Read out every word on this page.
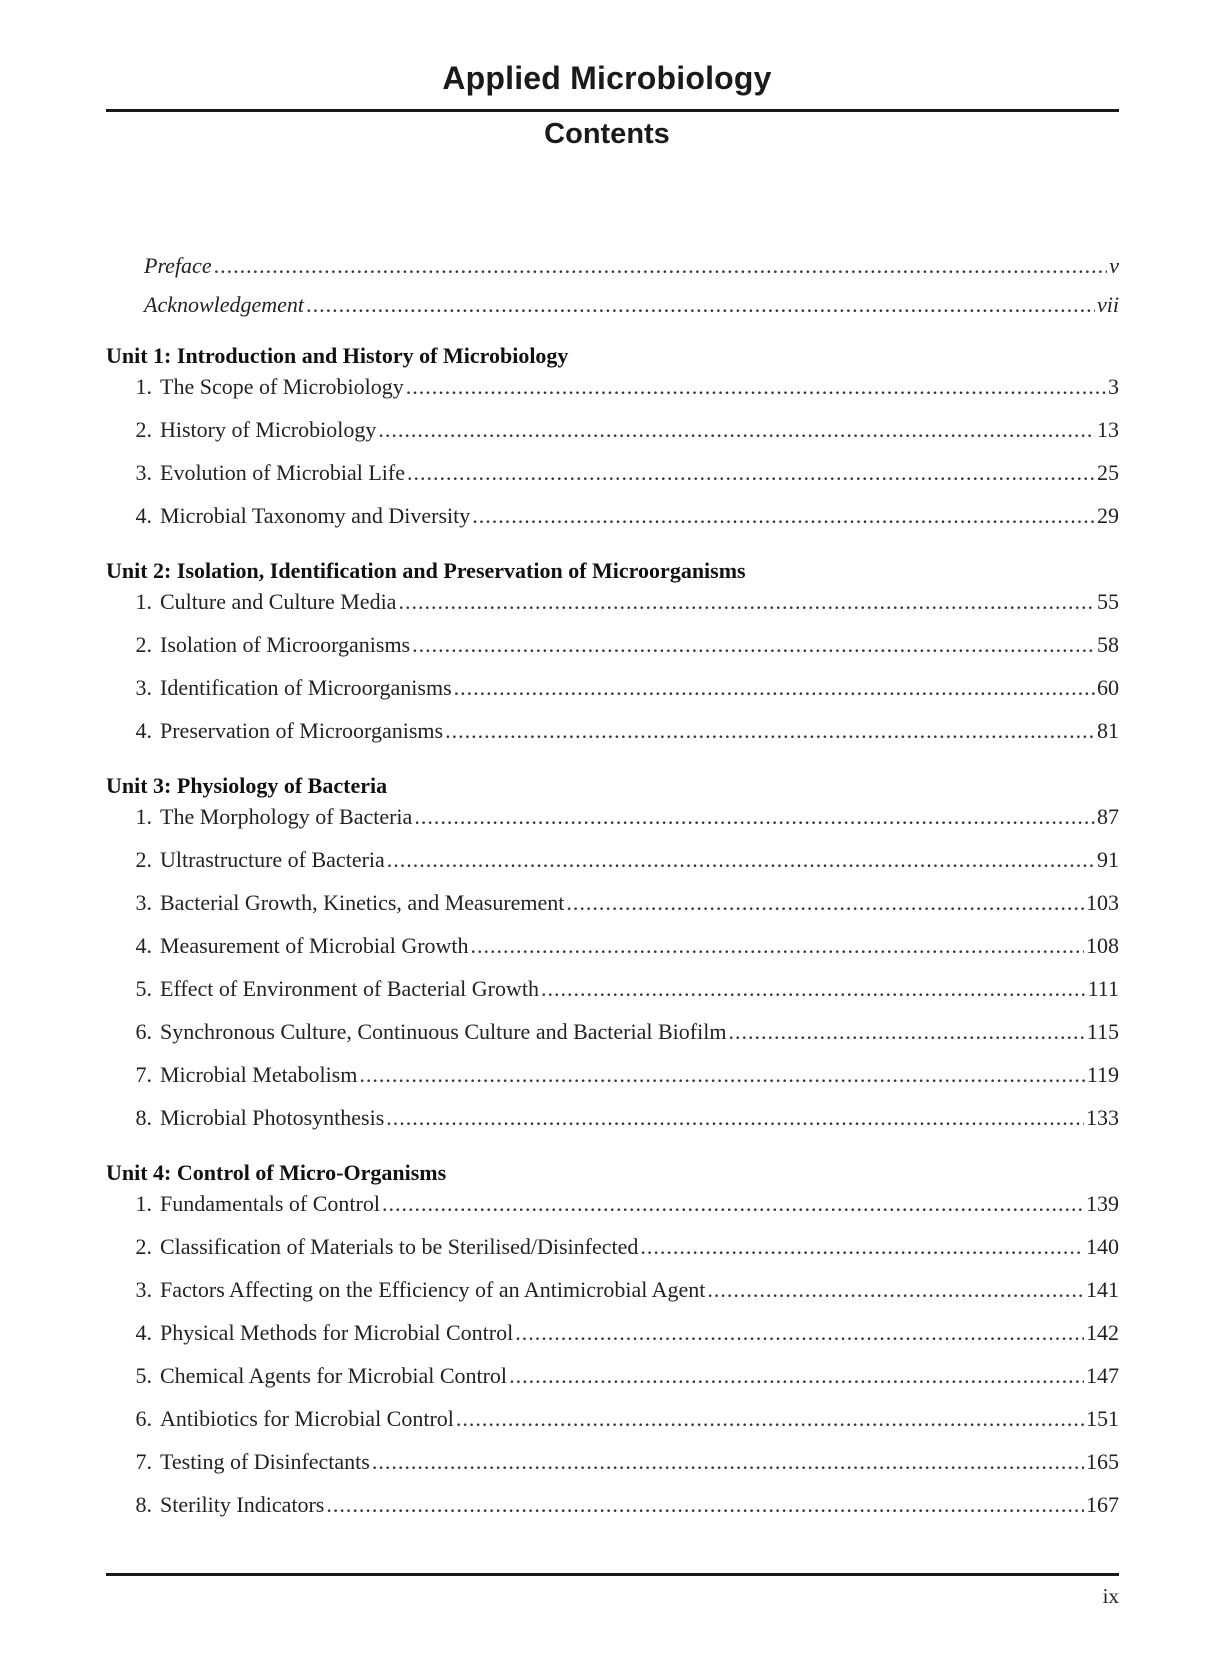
Applied Microbiology
Contents
Preface .....	v
Acknowledgement .....	vii
Unit 1: Introduction and History of Microbiology
1. The Scope of Microbiology .....	3
2. History of Microbiology .....	13
3. Evolution of Microbial Life .....	25
4. Microbial Taxonomy and Diversity .....	29
Unit 2: Isolation, Identification and Preservation of Microorganisms
1. Culture and Culture Media .....	55
2. Isolation of Microorganisms .....	58
3. Identification of Microorganisms .....	60
4. Preservation of Microorganisms .....	81
Unit 3: Physiology of Bacteria
1. The Morphology of Bacteria .....	87
2. Ultrastructure of Bacteria .....	91
3. Bacterial Growth, Kinetics, and Measurement .....	103
4. Measurement of Microbial Growth .....	108
5. Effect of Environment of Bacterial Growth .....	111
6. Synchronous Culture, Continuous Culture and Bacterial Biofilm .....	115
7. Microbial Metabolism .....	119
8. Microbial Photosynthesis .....	133
Unit 4: Control of Micro-Organisms
1. Fundamentals of Control .....	139
2. Classification of Materials to be Sterilised/Disinfected .....	140
3. Factors Affecting on the Efficiency of an Antimicrobial Agent .....	141
4. Physical Methods for Microbial Control .....	142
5. Chemical Agents for Microbial Control .....	147
6. Antibiotics for Microbial Control .....	151
7. Testing of Disinfectants .....	165
8. Sterility Indicators .....	167
ix
